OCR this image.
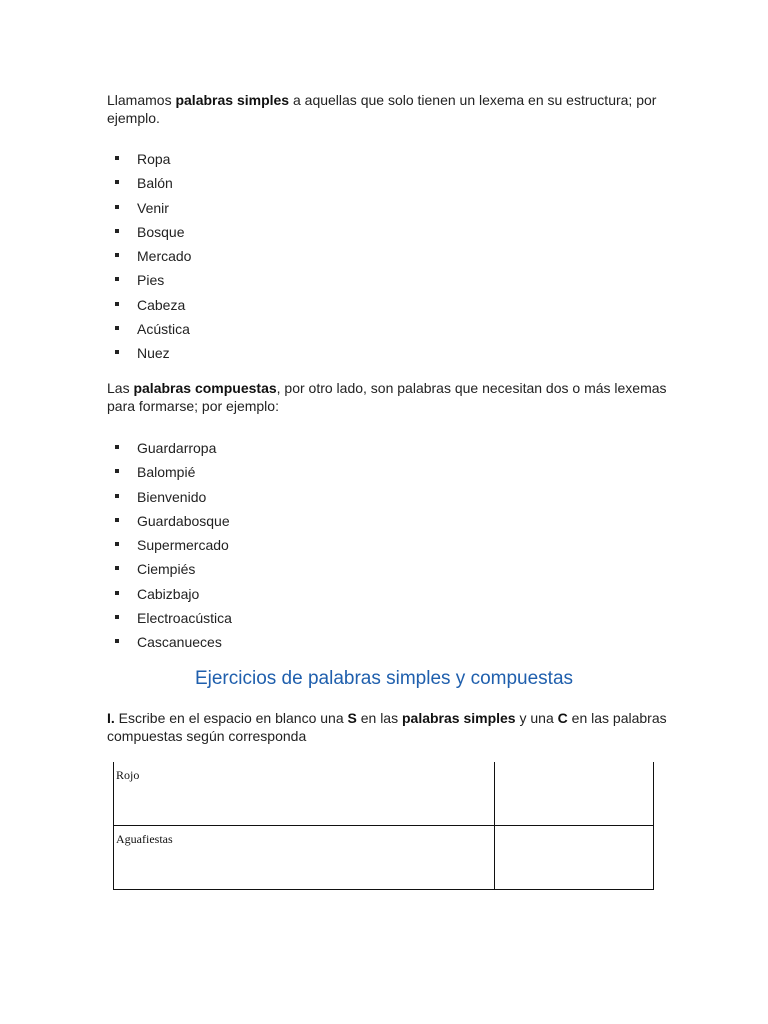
Llamamos palabras simples a aquellas que solo tienen un lexema en su estructura; por ejemplo.

Ropa
Balón
Venir
Bosque
Mercado
Pies
Cabeza
Acústica
Nuez

Las palabras compuestas, por otro lado, son palabras que necesitan dos o más lexemas para formarse; por ejemplo:

Guardarropa
Balompié
Bienvenido
Guardabosque
Supermercado
Ciempiés
Cabizbajo
Electroacústica
Cascanueces
Ejercicios de palabras simples y compuestas

I. Escribe en el espacio en blanco una S en las palabras simples y una C en las palabras compuestas según corresponda

Rojo	
Aguafiestas	
